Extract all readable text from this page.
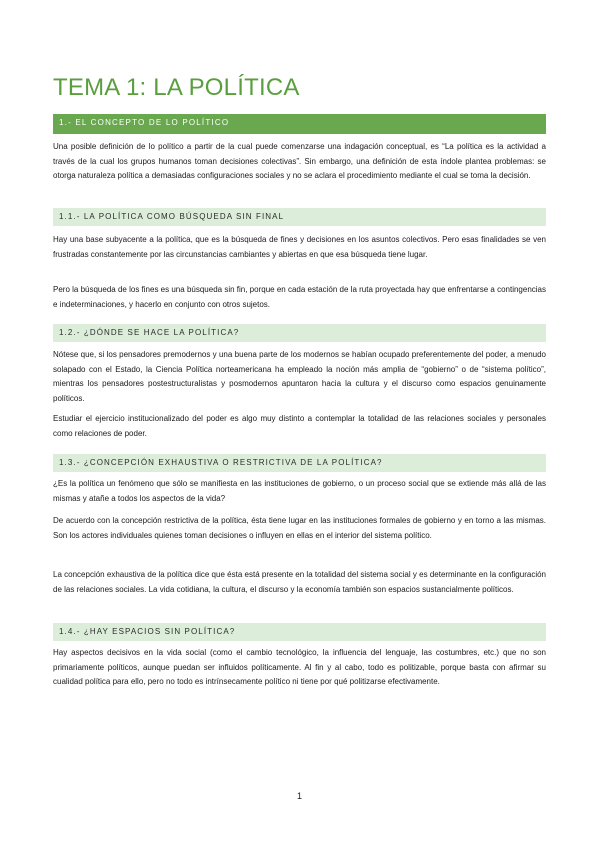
TEMA 1: LA POLÍTICA
1.- EL CONCEPTO DE LO POLÍTICO

Una posible definición de lo político a partir de la cual puede comenzarse una indagación conceptual, es “La política es la actividad a través de la cual los grupos humanos toman decisiones colectivas”. Sin embargo, una definición de esta índole plantea problemas: se otorga naturaleza política a demasiadas configuraciones sociales y no se aclara el procedimiento mediante el cual se toma la decisión.

1.1.- LA POLÍTICA COMO BÚSQUEDA SIN FINAL

Hay una base subyacente a la política, que es la búsqueda de fines y decisiones en los asuntos colectivos. Pero esas finalidades se ven frustradas constantemente por las circunstancias cambiantes y abiertas en que esa búsqueda tiene lugar.

Pero la búsqueda de los fines es una búsqueda sin fin, porque en cada estación de la ruta proyectada hay que enfrentarse a contingencias e indeterminaciones, y hacerlo en conjunto con otros sujetos.

1.2.- ¿DÓNDE SE HACE LA POLÍTICA?

Nótese que, si los pensadores premodernos y una buena parte de los modernos se habían ocupado preferentemente del poder, a menudo solapado con el Estado, la Ciencia Política norteamericana ha empleado la noción más amplia de “gobierno” o de “sistema político”, mientras los pensadores postestructuralistas y posmodernos apuntaron hacia la cultura y el discurso como espacios genuinamente políticos.

Estudiar el ejercicio institucionalizado del poder es algo muy distinto a contemplar la totalidad de las relaciones sociales y personales como relaciones de poder.

1.3.- ¿CONCEPCIÓN EXHAUSTIVA O RESTRICTIVA DE LA POLÍTICA?

¿Es la política un fenómeno que sólo se manifiesta en las instituciones de gobierno, o un proceso social que se extiende más allá de las mismas y atañe a todos los aspectos de la vida?

De acuerdo con la concepción restrictiva de la política, ésta tiene lugar en las instituciones formales de gobierno y en torno a las mismas. Son los actores individuales quienes toman decisiones o influyen en ellas en el interior del sistema político.

La concepción exhaustiva de la política dice que ésta está presente en la totalidad del sistema social y es determinante en la configuración de las relaciones sociales. La vida cotidiana, la cultura, el discurso y la economía también son espacios sustancialmente políticos.

1.4.- ¿HAY ESPACIOS SIN POLÍTICA?

Hay aspectos decisivos en la vida social (como el cambio tecnológico, la influencia del lenguaje, las costumbres, etc.) que no son primariamente políticos, aunque puedan ser influidos políticamente. Al fin y al cabo, todo es politizable, porque basta con afirmar su cualidad política para ello, pero no todo es intrínsecamente político ni tiene por qué politizarse efectivamente.

1
